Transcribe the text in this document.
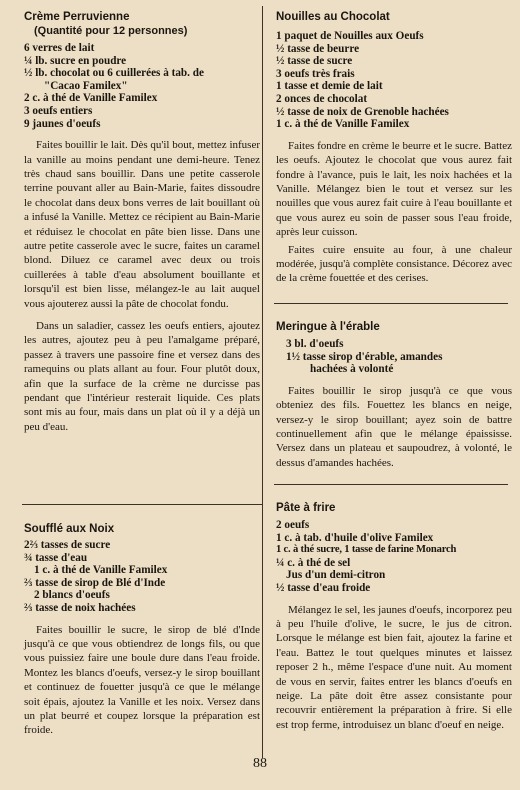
Crème Perruvienne

(Quantité pour 12 personnes)

6 verres de lait
¼ lb. sucre en poudre
½ lb. chocolat ou 6 cuillerées à tab. de
"Cacao Familex"
2 c. à thé de Vanille Familex
3 oeufs entiers
9 jaunes d'oeufs

Faites bouillir le lait. Dès qu'il bout, mettez infuser la vanille au moins pendant une demi-heure. Tenez très chaud sans bouillir. Dans une petite casserole terrine pouvant aller au Bain-Marie, faites dissoudre le chocolat dans deux bons verres de lait bouillant où a infusé la Vanille. Mettez ce récipient au Bain-Marie et réduisez le chocolat en pâte bien lisse. Dans une autre petite casserole avec le sucre, faites un caramel blond. Diluez ce caramel avec deux ou trois cuillerées à table d'eau absolument bouillante et lorsqu'il est bien lisse, mélangez-le au lait auquel vous ajouterez aussi la pâte de chocolat fondu.

Dans un saladier, cassez les oeufs entiers, ajoutez les autres, ajoutez peu à peu l'amalgame préparé, passez à travers une passoire fine et versez dans des ramequins ou plats allant au four. Four plutôt doux, afin que la surface de la crème ne durcisse pas pendant que l'intérieur resterait liquide. Ces plats sont mis au four, mais dans un plat où il y a déjà un peu d'eau.

Soufflé aux Noix

2⅔ tasses de sucre
¾ tasse d'eau
1 c. à thé de Vanille Familex
⅔ tasse de sirop de Blé d'Inde
2 blancs d'oeufs
⅔ tasse de noix hachées

Faites bouillir le sucre, le sirop de blé d'Inde jusqu'à ce que vous obtiendrez de longs fils, ou que vous puissiez faire une boule dure dans l'eau froide. Montez les blancs d'oeufs, versez-y le sirop bouillant et continuez de fouetter jusqu'à ce que le mélange soit épais, ajoutez la Vanille et les noix. Versez dans un plat beurré et coupez lorsque la préparation est froide.

Nouilles au Chocolat

1 paquet de Nouilles aux Oeufs
½ tasse de beurre
½ tasse de sucre
3 oeufs très frais
1 tasse et demie de lait
2 onces de chocolat
½ tasse de noix de Grenoble hachées
1 c. à thé de Vanille Familex

Faites fondre en crème le beurre et le sucre. Battez les oeufs. Ajoutez le chocolat que vous aurez fait fondre à l'avance, puis le lait, les noix hachées et la Vanille. Mélangez bien le tout et versez sur les nouilles que vous aurez fait cuire à l'eau bouillante et que vous aurez eu soin de passer sous l'eau froide, après leur cuisson.

Faites cuire ensuite au four, à une chaleur modérée, jusqu'à complète consistance. Décorez avec de la crème fouettée et des cerises.

Meringue à l'érable

3 bl. d'oeufs
1½ tasse sirop d'érable, amandes
hachées à volonté

Faites bouillir le sirop jusqu'à ce que vous obteniez des fils. Fouettez les blancs en neige, versez-y le sirop bouillant; ayez soin de battre continuellement afin que le mélange épaississe. Versez dans un plateau et saupoudrez, à volonté, le dessus d'amandes hachées.

Pâte à frire

2 oeufs
1 c. à tab. d'huile d'olive Familex
1 c. à thé sucre, 1 tasse de farine Monarch
¼ c. à thé de sel
Jus d'un demi-citron
½ tasse d'eau froide

Mélangez le sel, les jaunes d'oeufs, incorporez peu à peu l'huile d'olive, le sucre, le jus de citron. Lorsque le mélange est bien fait, ajoutez la farine et l'eau. Battez le tout quelques minutes et laissez reposer 2 h., même l'espace d'une nuit. Au moment de vous en servir, faites entrer les blancs d'oeufs en neige. La pâte doit être assez consistante pour recouvrir entièrement la préparation à frire. Si elle est trop ferme, introduisez un blanc d'oeuf en neige.

88
